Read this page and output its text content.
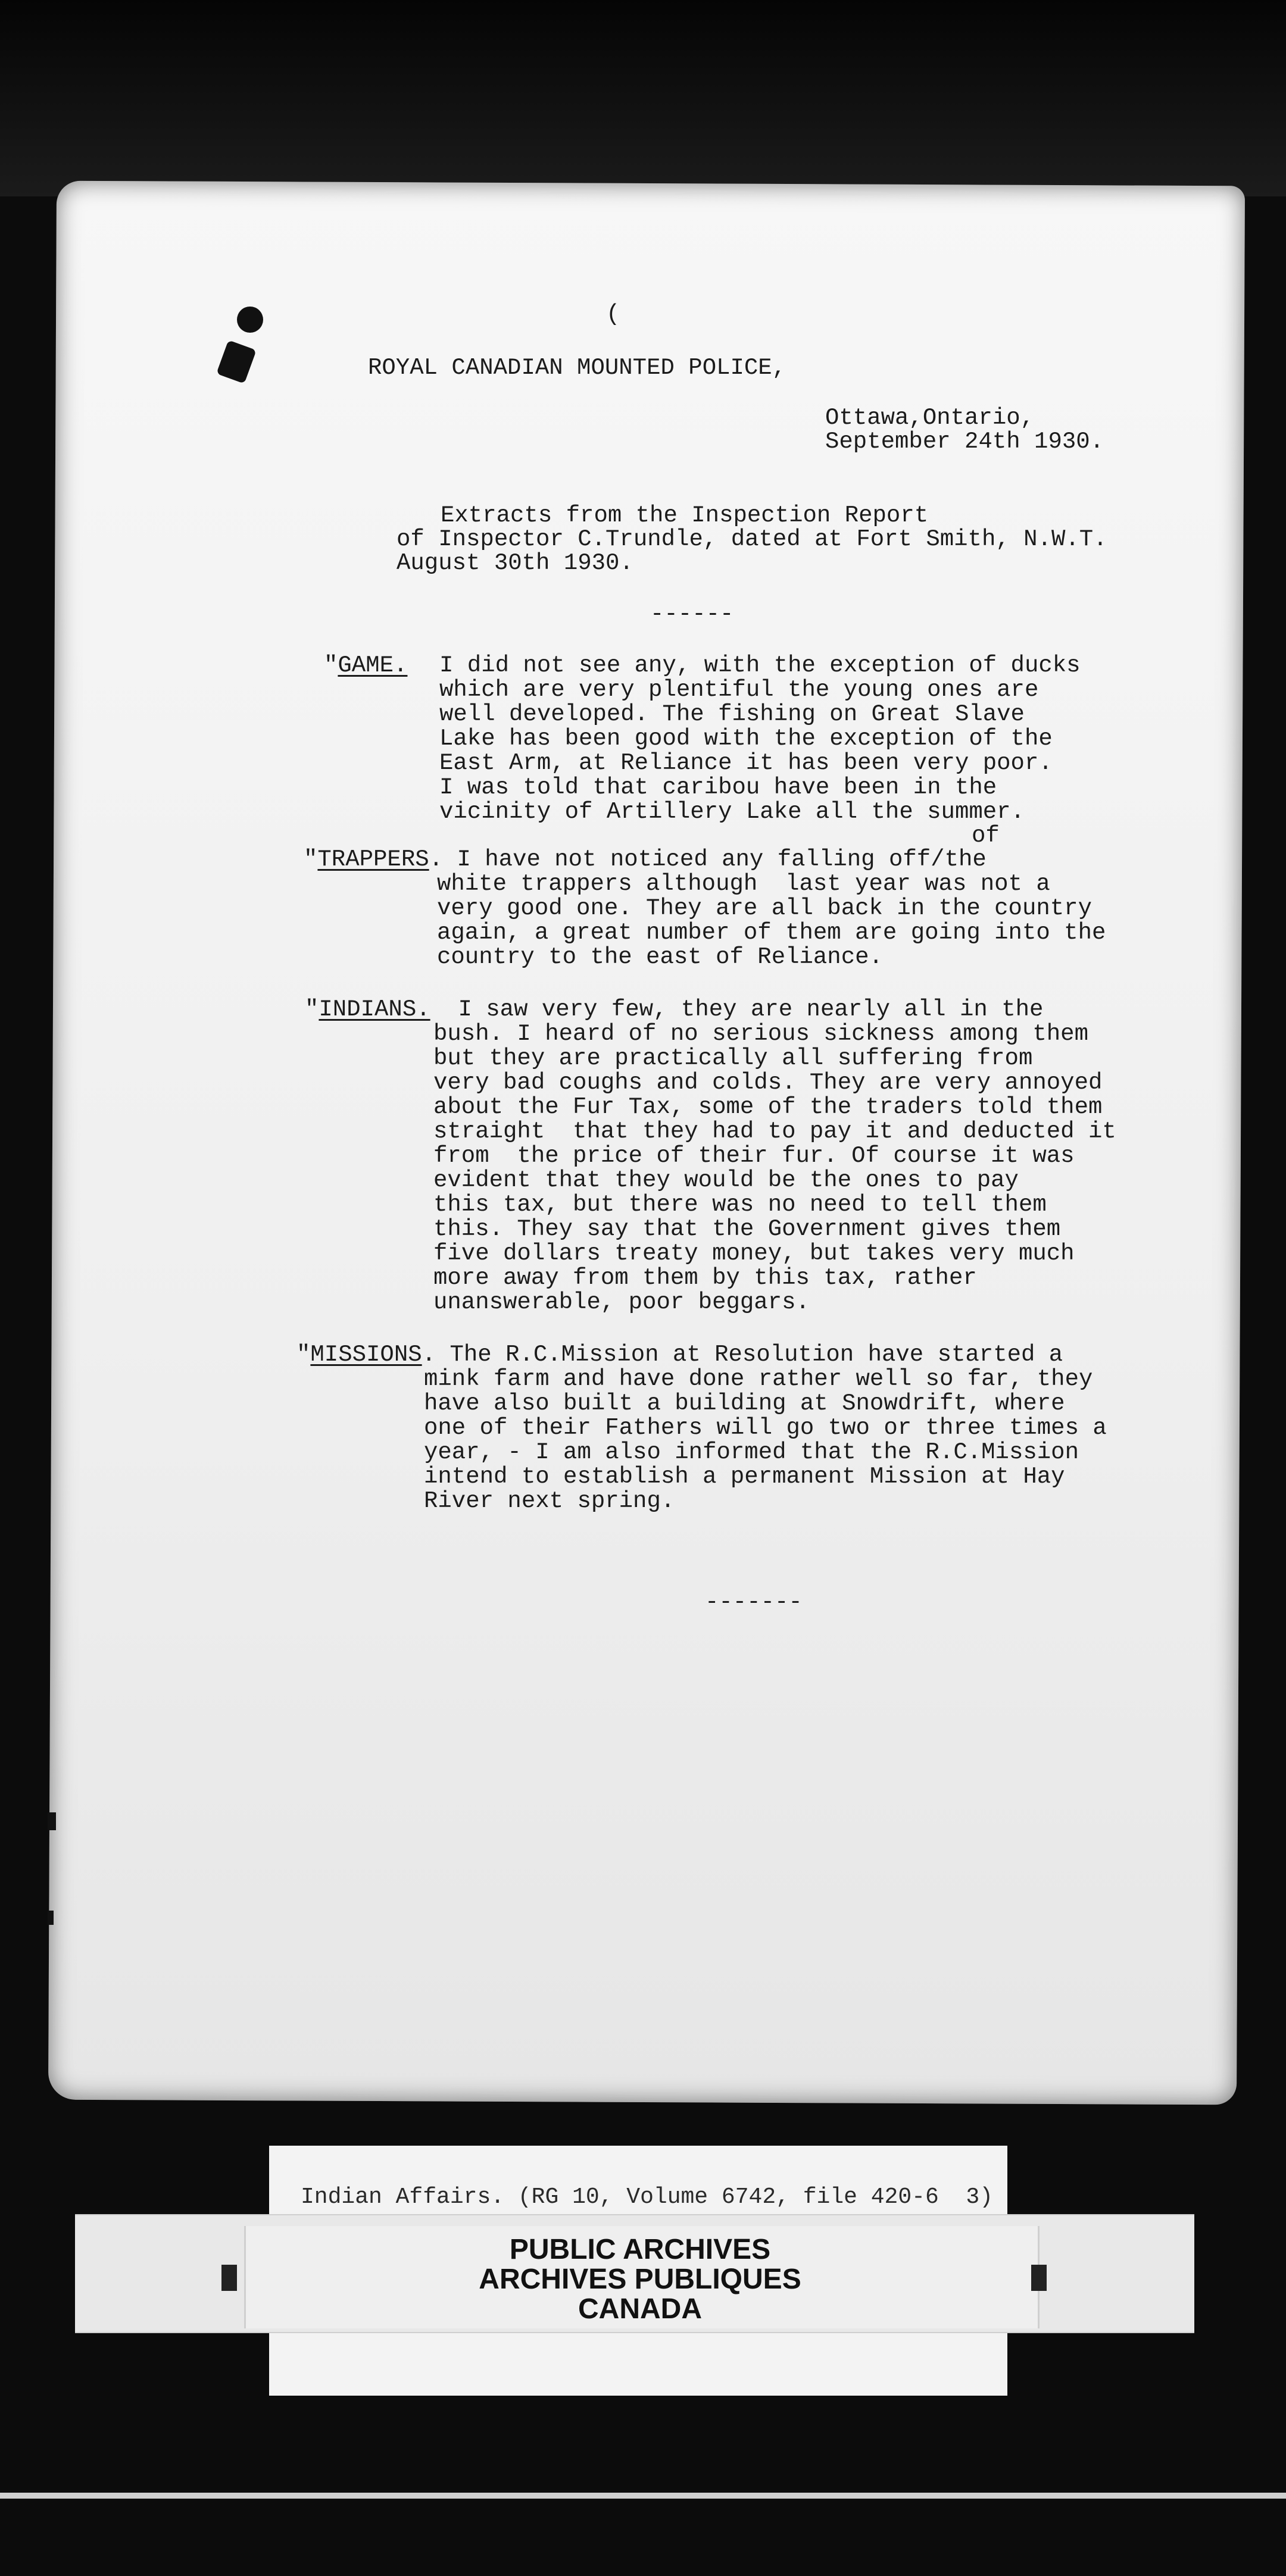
(
ROYAL CANADIAN MOUNTED POLICE,
Ottawa,Ontario,
September 24th 1930.
Extracts from the Inspection Report
of Inspector C.Trundle, dated at Fort Smith, N.W.T.
August 30th 1930.
------
"GAME. I did not see any, with the exception of ducks
which are very plentiful the young ones are
well developed. The fishing on Great Slave
Lake has been good with the exception of the
East Arm, at Reliance it has been very poor.
I was told that caribou have been in the
vicinity of Artillery Lake all the summer.
of
"TRAPPERS. I have not noticed any falling off/the
white trappers although  last year was not a
very good one. They are all back in the country
again, a great number of them are going into the
country to the east of Reliance.
"INDIANS. I saw very few, they are nearly all in the
bush. I heard of no serious sickness among them
but they are practically all suffering from
very bad coughs and colds. They are very annoyed
about the Fur Tax, some of the traders told them
straight  that they had to pay it and deducted it
from  the price of their fur. Of course it was
evident that they would be the ones to pay
this tax, but there was no need to tell them
this. They say that the Government gives them
five dollars treaty money, but takes very much
more away from them by this tax, rather
unanswerable, poor beggars.
"MISSIONS. The R.C.Mission at Resolution have started a
mink farm and have done rather well so far, they
have also built a building at Snowdrift, where
one of their Fathers will go two or three times a
year, - I am also informed that the R.C.Mission
intend to establish a permanent Mission at Hay
River next spring.
-------
Indian Affairs. (RG 10, Volume 6742, file 420-6  3)
PUBLIC ARCHIVES
ARCHIVES PUBLIQUES
CANADA
